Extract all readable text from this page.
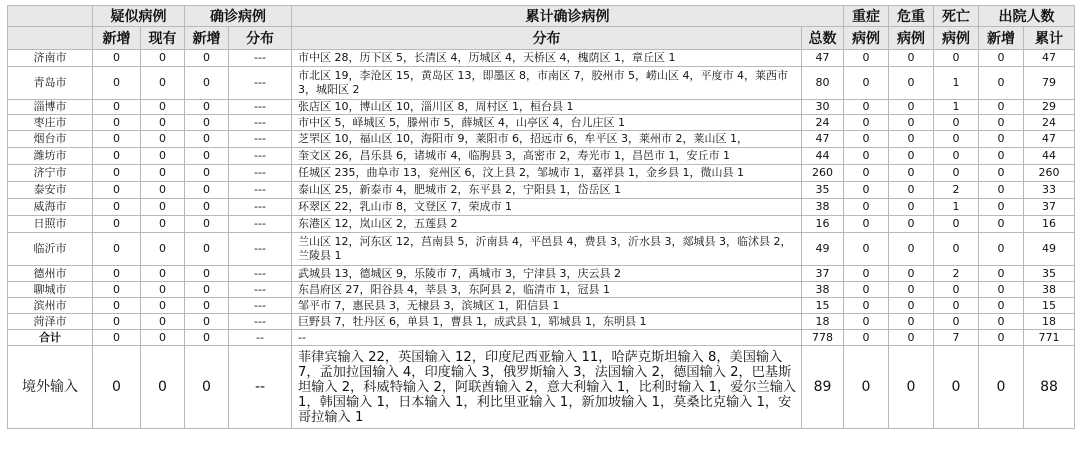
	疑似病例		确诊病例		累计确诊病例		重症	危重	死亡	出院人数	
	新增	现有	新增	分布	分布	总数	病例	病例	病例	新增	累计
济南市	0	0	0	---	市中区 28，历下区 5，长清区 4，历城区 4，天桥区 4，槐荫区 1，章丘区 1	47	0	0	0	0	47
青岛市	0	0	0	---	市北区 19，李沧区 15，黄岛区 13，即墨区 8，市南区 7，胶州市 5，崂山区 4，平度市 4，莱西市 3，城阳区 2	80	0	0	1	0	79
淄博市	0	0	0	---	张店区 10，博山区 10，淄川区 8，周村区 1，桓台县 1	30	0	0	1	0	29
枣庄市	0	0	0	---	市中区 5，峄城区 5，滕州市 5，薛城区 4，山亭区 4，台儿庄区 1	24	0	0	0	0	24
烟台市	0	0	0	---	芝罘区 10，福山区 10，海阳市 9，莱阳市 6，招远市 6，牟平区 3，莱州市 2，莱山区 1，	47	0	0	0	0	47
潍坊市	0	0	0	---	奎文区 26，昌乐县 6，诸城市 4，临朐县 3，高密市 2，寿光市 1，昌邑市 1，安丘市 1	44	0	0	0	0	44
济宁市	0	0	0	---	任城区 235，曲阜市 13，兖州区 6，汶上县 2，邹城市 1，嘉祥县 1，金乡县 1，微山县 1	260	0	0	0	0	260
泰安市	0	0	0	---	泰山区 25，新泰市 4，肥城市 2，东平县 2，宁阳县 1，岱岳区 1	35	0	0	2	0	33
威海市	0	0	0	---	环翠区 22，乳山市 8，文登区 7，荣成市 1	38	0	0	1	0	37
日照市	0	0	0	---	东港区 12，岚山区 2，五莲县 2	16	0	0	0	0	16
临沂市	0	0	0	---	兰山区 12，河东区 12，莒南县 5，沂南县 4，平邑县 4，费县 3，沂水县 3，郯城县 3，临沭县 2，兰陵县 1	49	0	0	0	0	49
德州市	0	0	0	---	武城县 13，德城区 9，乐陵市 7，禹城市 3，宁津县 3，庆云县 2	37	0	0	2	0	35
聊城市	0	0	0	---	东昌府区 27，阳谷县 4，莘县 3，东阿县 2，临清市 1，冠县 1	38	0	0	0	0	38
滨州市	0	0	0	---	邹平市 7，惠民县 3，无棣县 3，滨城区 1，阳信县 1	15	0	0	0	0	15
菏泽市	0	0	0	---	巨野县 7，牡丹区 6，单县 1，曹县 1，成武县 1，郓城县 1，东明县 1	18	0	0	0	0	18
合计	0	0	0	--	--	778	0	0	7	0	771
境外输入	0	0	0	--	菲律宾输入 22，英国输入 12，印度尼西亚输入 11，哈萨克斯坦输入 8，美国输入 7，孟加拉国输入 4，印度输入 3，俄罗斯输入 3，法国输入 2，德国输入 2，巴基斯坦输入 2，科威特输入 2，阿联酋输入 2，意大利输入 1，比利时输入 1，爱尔兰输入 1，韩国输入 1，日本输入 1，利比里亚输入 1，新加坡输入 1，莫桑比克输入 1，安哥拉输入 1	89	0	0	0	0	88
